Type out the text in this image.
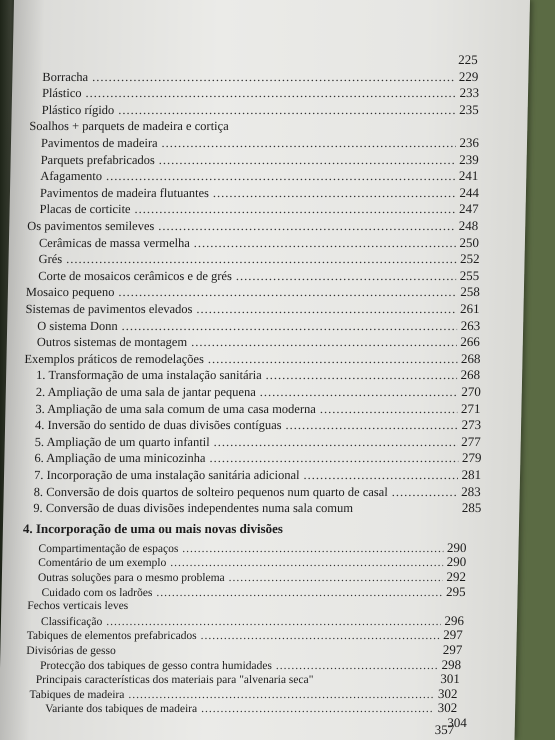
225
Borracha .....	229
Plástico .....	233
Plástico rígido .....	235
Soalhos + parquets de madeira e cortiça
Pavimentos de madeira .....	236
Parquets prefabricados .....	239
Afagamento .....	241
Pavimentos de madeira flutuantes .....	244
Placas de corticite .....	247
Os pavimentos semileves .....	248
Cerâmicas de massa vermelha .....	250
Grés .....	252
Corte de mosaicos cerâmicos e de grés .....	255
Mosaico pequeno .....	258
Sistemas de pavimentos elevados .....	261
O sistema Donn .....	263
Outros sistemas de montagem .....	266
Exemplos práticos de remodelações .....	268
1. Transformação de uma instalação sanitária .....	268
2. Ampliação de uma sala de jantar pequena .....	270
3. Ampliação de uma sala comum de uma casa moderna .....	271
4. Inversão do sentido de duas divisões contíguas .....	273
5. Ampliação de um quarto infantil .....	277
6. Ampliação de uma minicozinha .....	279
7. Incorporação de uma instalação sanitária adicional .....	281
8. Conversão de dois quartos de solteiro pequenos num quarto de casal .....	283
9. Conversão de duas divisões independentes numa sala comum	285
4. Incorporação de uma ou mais novas divisões
Compartimentação de espaços .....	290
Comentário de um exemplo .....	290
Outras soluções para o mesmo problema .....	292
Cuidado com os ladrões .....	295
Fechos verticais leves
Classificação .....	296
Tabiques de elementos prefabricados .....	297
Divisórias de gesso	297
Protecção dos tabiques de gesso contra humidades .....	298
Principais características dos materiais para "alvenaria seca"	301
357
Tabiques de madeira .....	302
Variante dos tabiques de madeira .....	302
304
